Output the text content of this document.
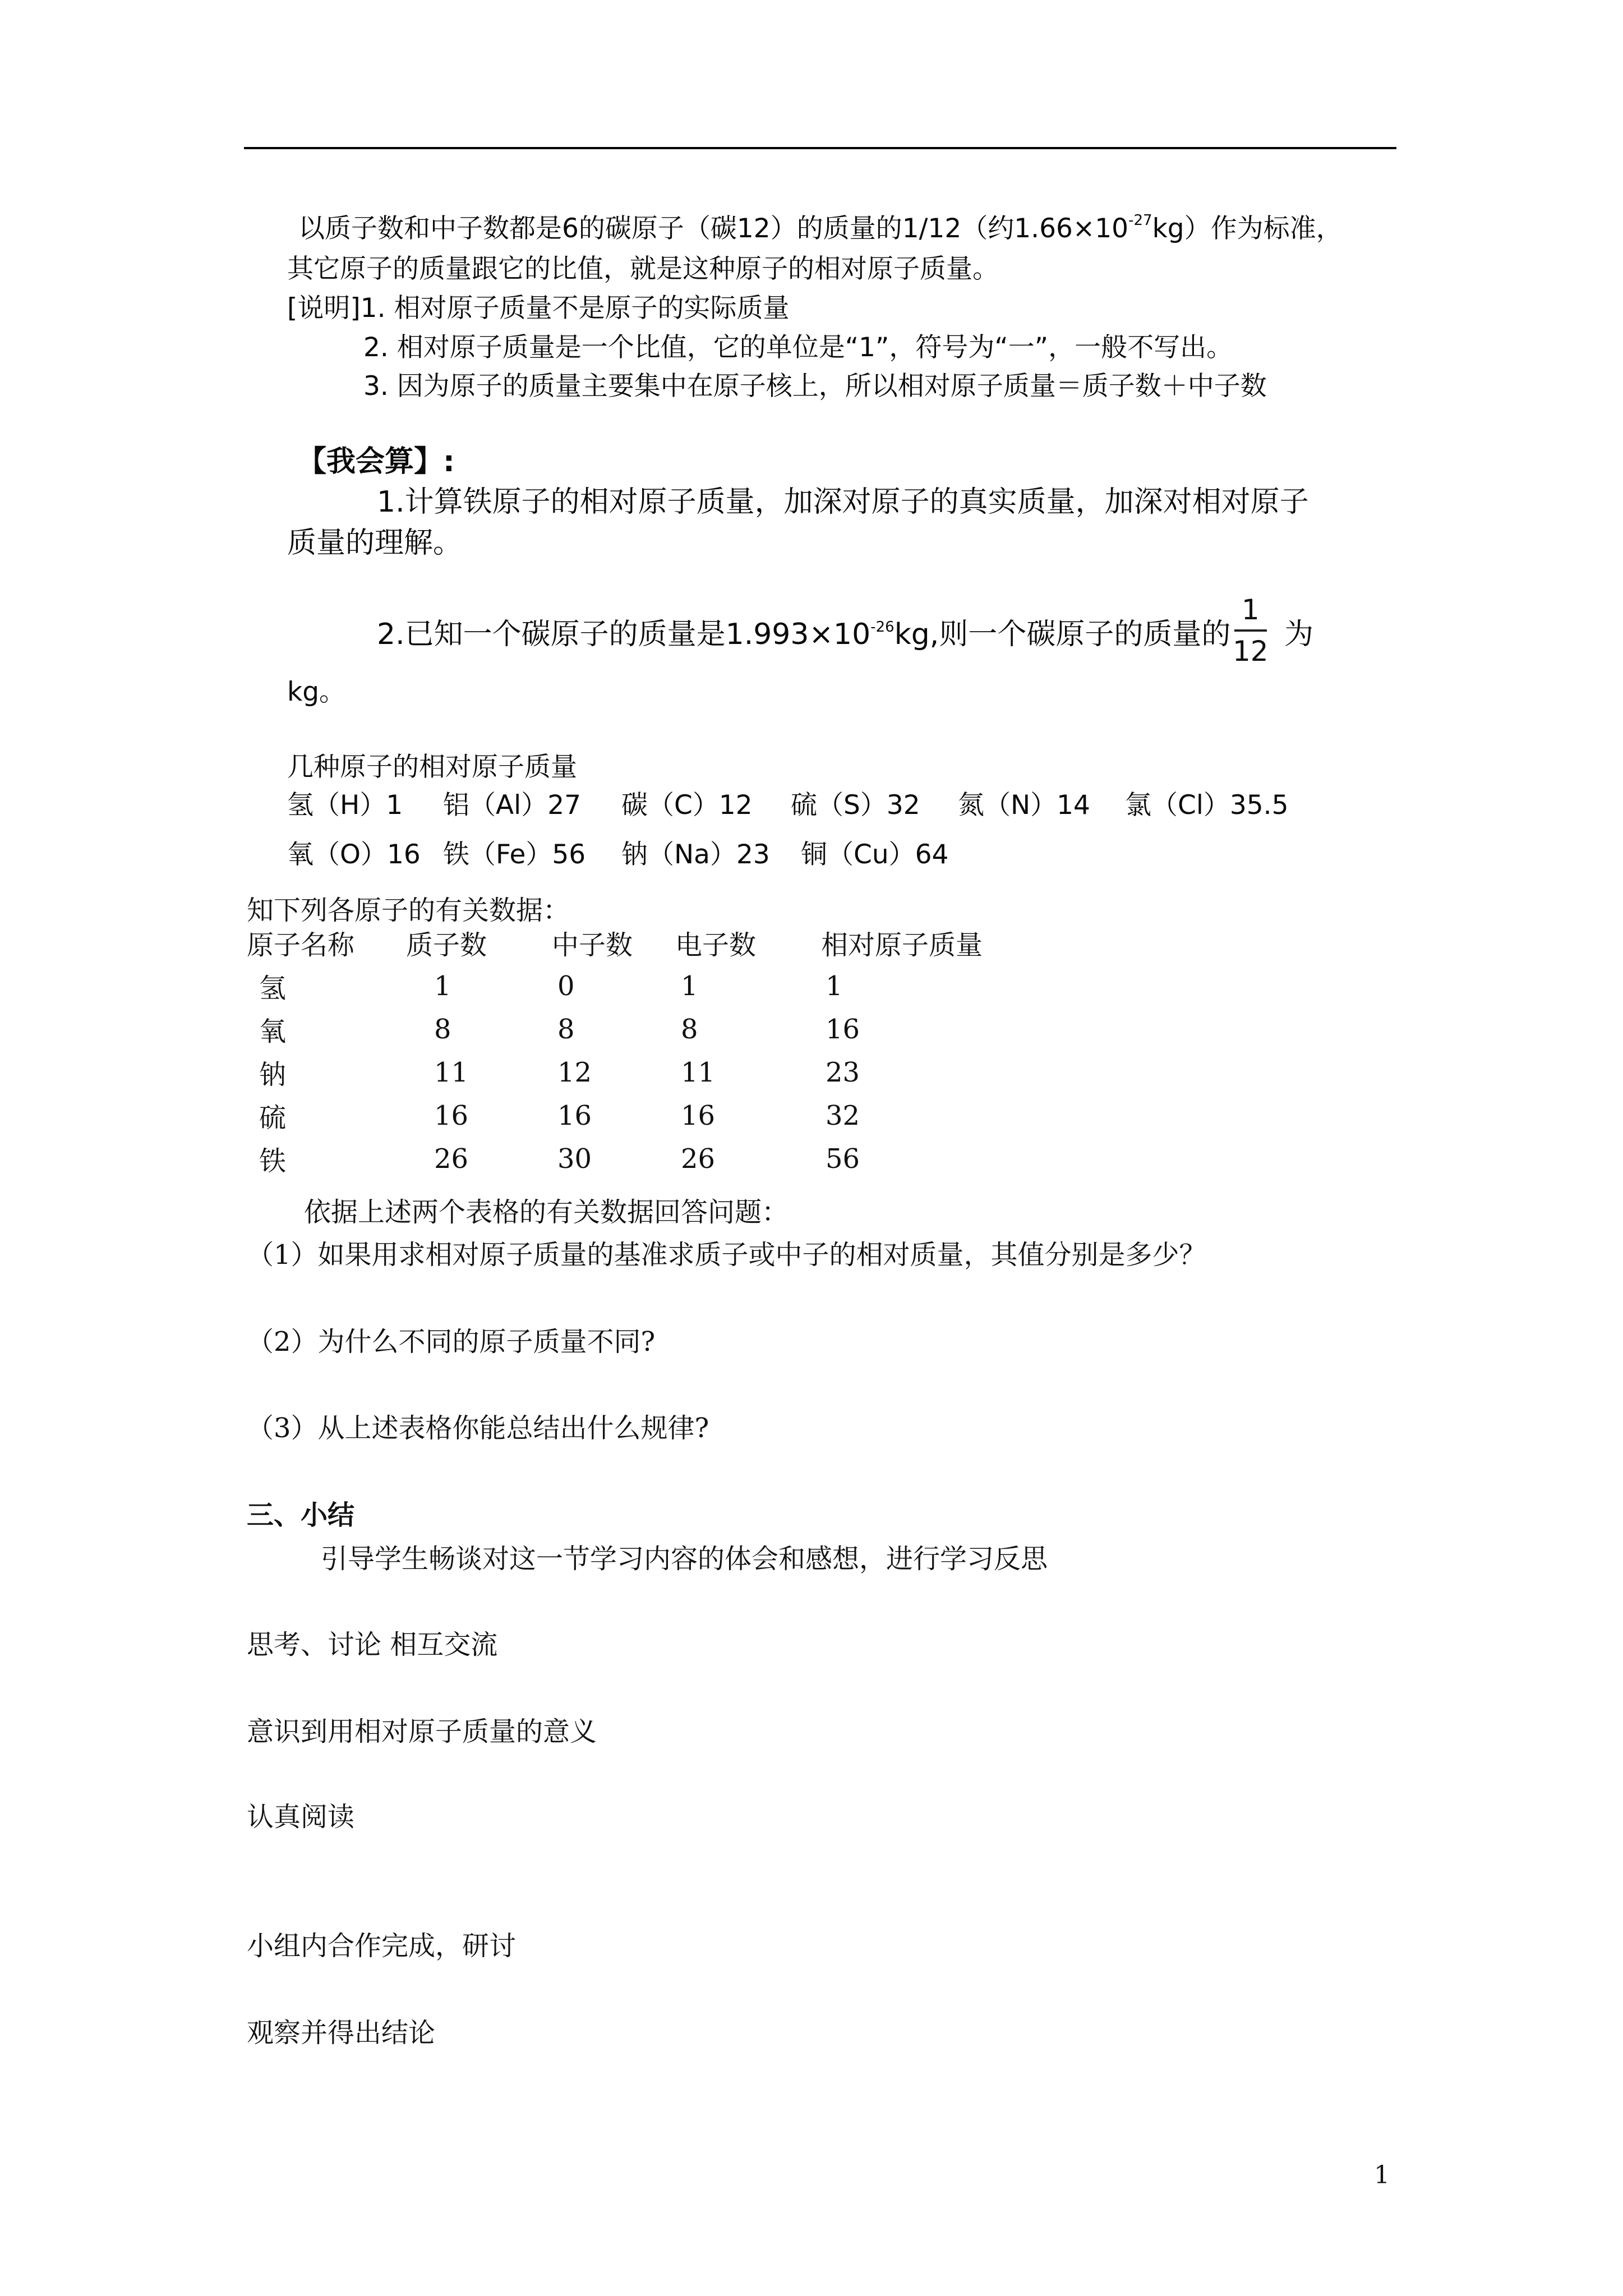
以质子数和中子数都是6的碳原子（碳12）的质量的1/12（约$1.66\times 10^{-27}kg$）作为标准，
其它原子的质量跟它的比值，就是这种原子的相对原子质量。
[说明]1. 相对原子质量不是原子的实际质量
2. 相对原子质量是一个比值，它的单位是“1”，符号为“一”，一般不写出。
3. 因为原子的质量主要集中在原子核上，所以相对原子质量＝质子数＋中子数
【我会算】:
1.计算铁原子的相对原子质量，加深对原子的真实质量，加深对相对原子
质量的理解。
2.已知一个碳原子的质量是$1.993\times 10^{-26}kg$,则一个碳原子的质量的
1
12 为
kg。
几种原子的相对原子质量
氢（H）1 铝（Al）27 碳（C）12 硫（S）32 氮（N）14 氯（Cl）35.5
氧（O）16 铁（Fe）56 钠（Na）23 铜（Cu）64
知下列各原子的有关数据：
原子名称	质子数	中子数	电子数	相对原子质量
氢	1	0	1	1
氧	8	8	8	16
钠	11	12	11	23
硫	16	16	16	32
铁	26	30	26	56
依据上述两个表格的有关数据回答问题：
（1）如果用求相对原子质量的基准求质子或中子的相对质量，其值分别是多少？
（2）为什么不同的原子质量不同?
（3）从上述表格你能总结出什么规律?
三、小结
引导学生畅谈对这一节学习内容的体会和感想，进行学习反思
思考、讨论 相互交流
意识到用相对原子质量的意义
认真阅读
小组内合作完成，研讨
观察并得出结论
1
